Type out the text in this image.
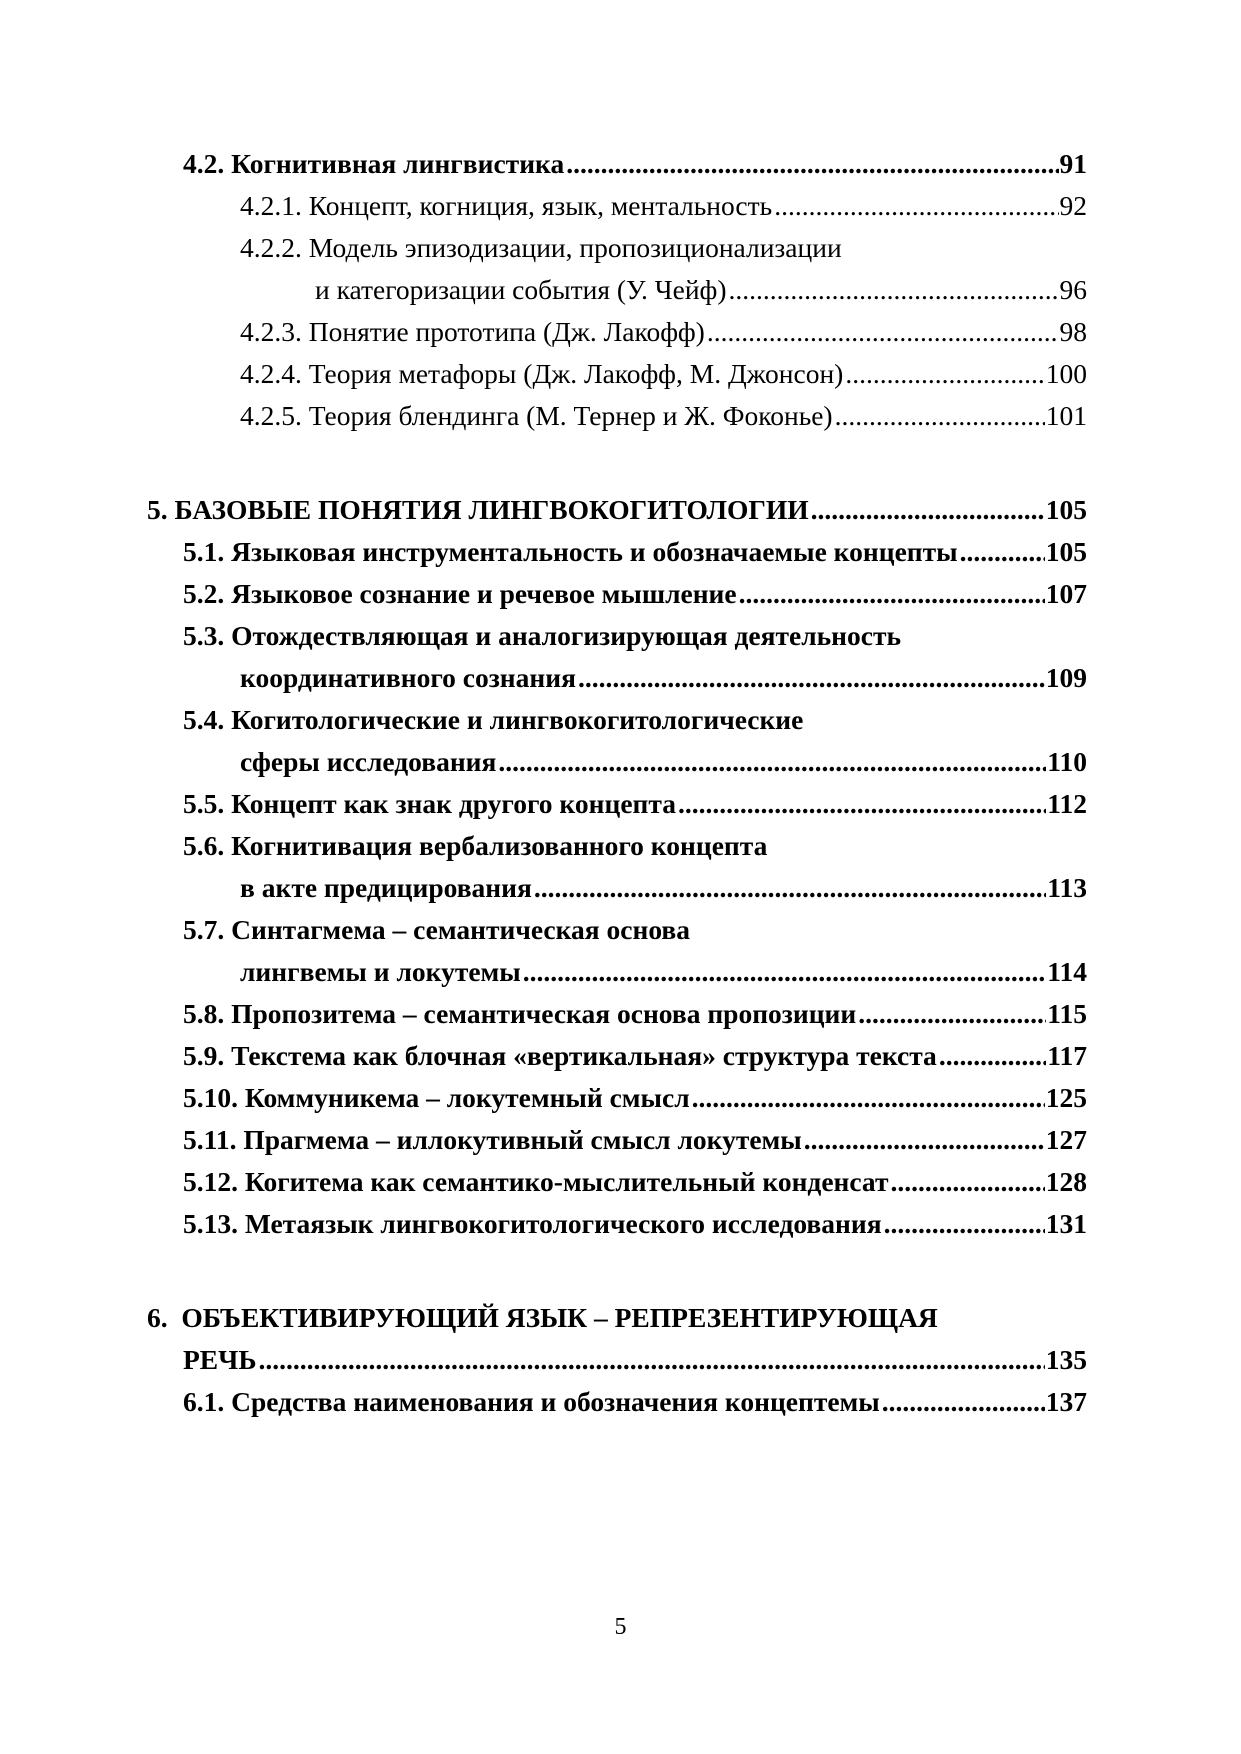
4.2. Когнитивная лингвистика .....	91
4.2.1. Концепт, когниция, язык, ментальность .....	92
4.2.2. Модель эпизодизации, пропозиционализации
и категоризации события (У. Чейф) .....	96
4.2.3. Понятие прототипа (Дж. Лакофф) .....	98
4.2.4. Теория метафоры (Дж. Лакофф, М. Джонсон) .....	100
4.2.5. Теория блендинга (М. Тернер и Ж. Фоконье) .....	101
5. БАЗОВЫЕ ПОНЯТИЯ ЛИНГВОКОГИТОЛОГИИ .....	105
5.1. Языковая инструментальность и обозначаемые концепты .....	105
5.2. Языковое сознание и речевое мышление .....	107
5.3. Отождествляющая и аналогизирующая деятельность
координативного сознания .....	109
5.4. Когитологические и лингвокогитологические
сферы исследования .....	110
5.5. Концепт как знак другого концепта .....	112
5.6. Когнитивация вербализованного концепта
в акте предицирования .....	113
5.7. Синтагмема – семантическая основа
лингвемы и локутемы .....	114
5.8. Пропозитема – семантическая основа пропозиции .....	115
5.9. Текстема как блочная «вертикальная» структура текста .....	117
5.10. Коммуникема – локутемный смысл .....	125
5.11. Прагмема – иллокутивный смысл локутемы .....	127
5.12. Когитема как семантико-мыслительный конденсат .....	128
5.13. Метаязык лингвокогитологического исследования .....	131
6.  ОБЪЕКТИВИРУЮЩИЙ ЯЗЫК – РЕПРЕЗЕНТИРУЮЩАЯ
РЕЧЬ .....	135
6.1. Средства наименования и обозначения концептемы .....	137
5
